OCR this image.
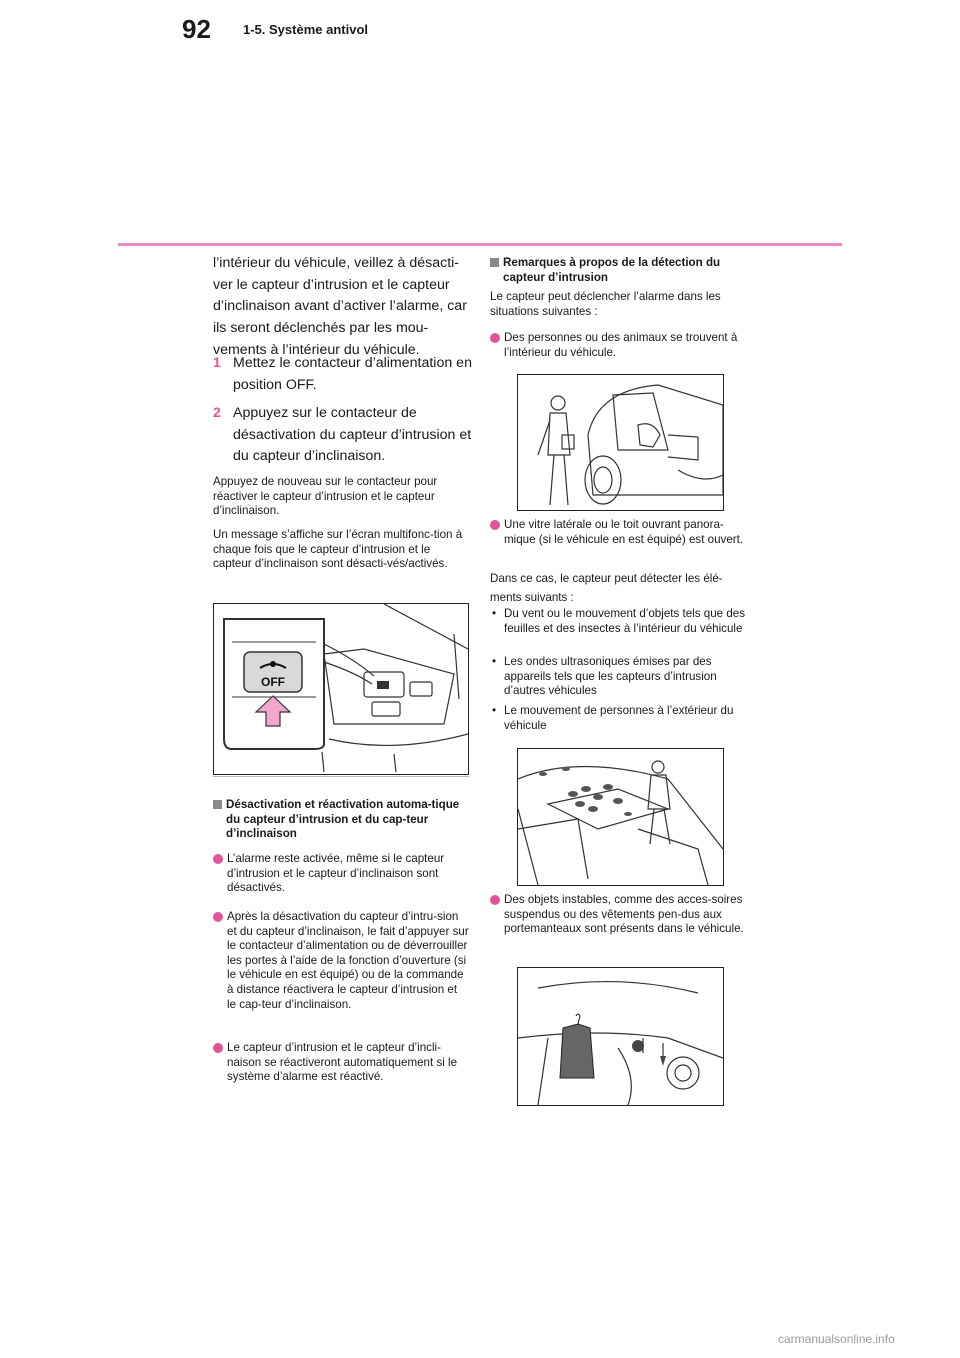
92 1-5. Système antivol

l’intérieur du véhicule, veillez à désacti-ver le capteur d’intrusion et le capteur d’inclinaison avant d’activer l’alarme, car ils seront déclenchés par les mou-vements à l’intérieur du véhicule.

1 Mettez le contacteur d’alimentation en position OFF.
2 Appuyez sur le contacteur de désactivation du capteur d’intrusion et du capteur d’inclinaison.

Appuyez de nouveau sur le contacteur pour réactiver le capteur d’intrusion et le capteur d’inclinaison.

Un message s’affiche sur l’écran multifonc-tion à chaque fois que le capteur d’intrusion et le capteur d’inclinaison sont désacti-vés/activés.

OFF
Désactivation et réactivation automa-tique du capteur d’intrusion et du cap-teur d’inclinaison
L’alarme reste activée, même si le capteur d’intrusion et le capteur d’inclinaison sont désactivés.
Après la désactivation du capteur d’intru-sion et du capteur d’inclinaison, le fait d’appuyer sur le contacteur d’alimentation ou de déverrouiller les portes à l’aide de la fonction d’ouverture (si le véhicule en est équipé) ou de la commande à distance réactivera le capteur d’intrusion et le cap-teur d’inclinaison.
Le capteur d’intrusion et le capteur d’incli-naison se réactiveront automatiquement si le système d’alarme est réactivé.
Remarques à propos de la détection du capteur d’intrusion

Le capteur peut déclencher l’alarme dans les situations suivantes :

Des personnes ou des animaux se trouvent à l’intérieur du véhicule.
Une vitre latérale ou le toit ouvrant panora-mique (si le véhicule en est équipé) est ouvert.

Dans ce cas, le capteur peut détecter les élé-ments suivants :

• Du vent ou le mouvement d’objets tels que des feuilles et des insectes à l’intérieur du véhicule
• Les ondes ultrasoniques émises par des appareils tels que les capteurs d’intrusion d’autres véhicules
• Le mouvement de personnes à l’extérieur du véhicule
Des objets instables, comme des acces-soires suspendus ou des vêtements pen-dus aux portemanteaux sont présents dans le véhicule.
carmanualsonline.info
